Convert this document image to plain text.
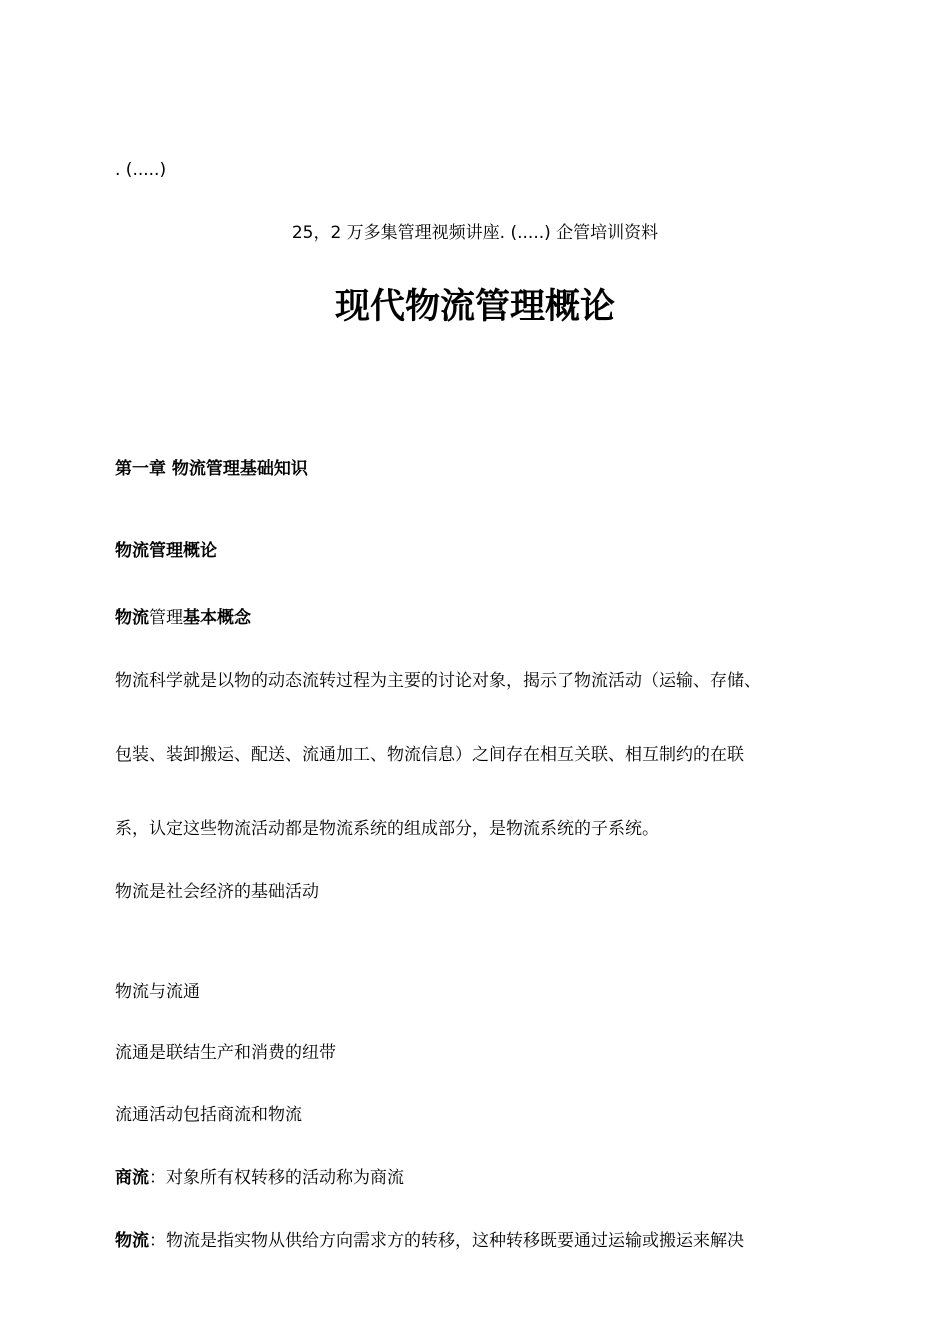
. (.....)
25，2 万多集管理视频讲座. (.....) 企管培训资料
现代物流管理概论
第一章 物流管理基础知识
物流管理概论
物流管理基本概念
物流科学就是以物的动态流转过程为主要的讨论对象，揭示了物流活动（运输、存储、
包装、装卸搬运、配送、流通加工、物流信息）之间存在相互关联、相互制约的在联
系，认定这些物流活动都是物流系统的组成部分，是物流系统的子系统。
物流是社会经济的基础活动
物流与流通
流通是联结生产和消费的纽带
流通活动包括商流和物流
商流：对象所有权转移的活动称为商流
物流：物流是指实物从供给方向需求方的转移，这种转移既要通过运输或搬运来解决
